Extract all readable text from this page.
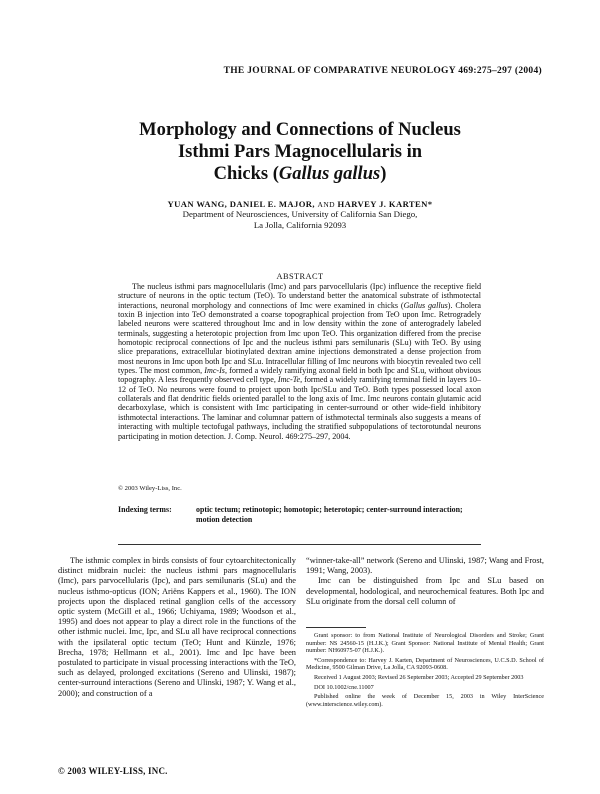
THE JOURNAL OF COMPARATIVE NEUROLOGY 469:275–297 (2004)
Morphology and Connections of Nucleus
Isthmi Pars Magnocellularis in
Chicks (Gallus gallus)
YUAN WANG, DANIEL E. MAJOR, AND HARVEY J. KARTEN*
Department of Neurosciences, University of California San Diego,
La Jolla, California 92093
ABSTRACT

The nucleus isthmi pars magnocellularis (Imc) and pars parvocellularis (Ipc) influence the receptive field structure of neurons in the optic tectum (TeO). To understand better the anatomical substrate of isthmotectal interactions, neuronal morphology and connections of Imc were examined in chicks (Gallus gallus). Cholera toxin B injection into TeO demonstrated a coarse topographical projection from TeO upon Imc. Retrogradely labeled neurons were scattered throughout Imc and in low density within the zone of anterogradely labeled terminals, suggesting a heterotopic projection from Imc upon TeO. This organization differed from the precise homotopic reciprocal connections of Ipc and the nucleus isthmi pars semilunaris (SLu) with TeO. By using slice preparations, extracellular biotinylated dextran amine injections demonstrated a dense projection from most neurons in Imc upon both Ipc and SLu. Intracellular filling of Imc neurons with biocytin revealed two cell types. The most common, Imc-Is, formed a widely ramifying axonal field in both Ipc and SLu, without obvious topography. A less frequently observed cell type, Imc-Te, formed a widely ramifying terminal field in layers 10–12 of TeO. No neurons were found to project upon both Ipc/SLu and TeO. Both types possessed local axon collaterals and flat dendritic fields oriented parallel to the long axis of Imc. Imc neurons contain glutamic acid decarboxylase, which is consistent with Imc participating in center-surround or other wide-field inhibitory isthmotectal interactions. The laminar and columnar pattern of isthmotectal terminals also suggests a means of interacting with multiple tectofugal pathways, including the stratified subpopulations of tectorotundal neurons participating in motion detection. J. Comp. Neurol. 469:275–297, 2004.

© 2003 Wiley-Liss, Inc.
Indexing terms:	optic tectum; retinotopic; homotopic; heterotopic; center-surround interaction; motion detection

The isthmic complex in birds consists of four cytoarchitectonically distinct midbrain nuclei: the nucleus isthmi pars magnocellularis (Imc), pars parvocellularis (Ipc), and pars semilunaris (SLu) and the nucleus isthmo-opticus (ION; Ariëns Kappers et al., 1960). The ION projects upon the displaced retinal ganglion cells of the accessory optic system (McGill et al., 1966; Uchiyama, 1989; Woodson et al., 1995) and does not appear to play a direct role in the functions of the other isthmic nuclei. Imc, Ipc, and SLu all have reciprocal connections with the ipsilateral optic tectum (TeO; Hunt and Künzle, 1976; Brecha, 1978; Hellmann et al., 2001). Imc and Ipc have been postulated to participate in visual processing interactions with the TeO, such as delayed, prolonged excitations (Sereno and Ulinski, 1987); center-surround interactions (Sereno and Ulinski, 1987; Y. Wang et al., 2000); and construction of a

“winner-take-all” network (Sereno and Ulinski, 1987; Wang and Frost, 1991; Wang, 2003).

Imc can be distinguished from Ipc and SLu based on developmental, hodological, and neurochemical features. Both Ipc and SLu originate from the dorsal cell column of

Grant sponsor: to from National Institute of Neurological Disorders and Stroke; Grant number: NS 24560-15 (H.J.K.); Grant Sponsor: National Institute of Mental Health; Grant number: NH60975-07 (H.J.K.).

*Correspondence to: Harvey J. Karten, Department of Neurosciences, U.C.S.D. School of Medicine, 9500 Gilman Drive, La Jolla, CA 92093-0608.

Received 1 August 2003; Revised 26 September 2003; Accepted 29 September 2003

DOI 10.1002/cne.11007

Published online the week of December 15, 2003 in Wiley InterScience (www.interscience.wiley.com).

© 2003 WILEY-LISS, INC.
